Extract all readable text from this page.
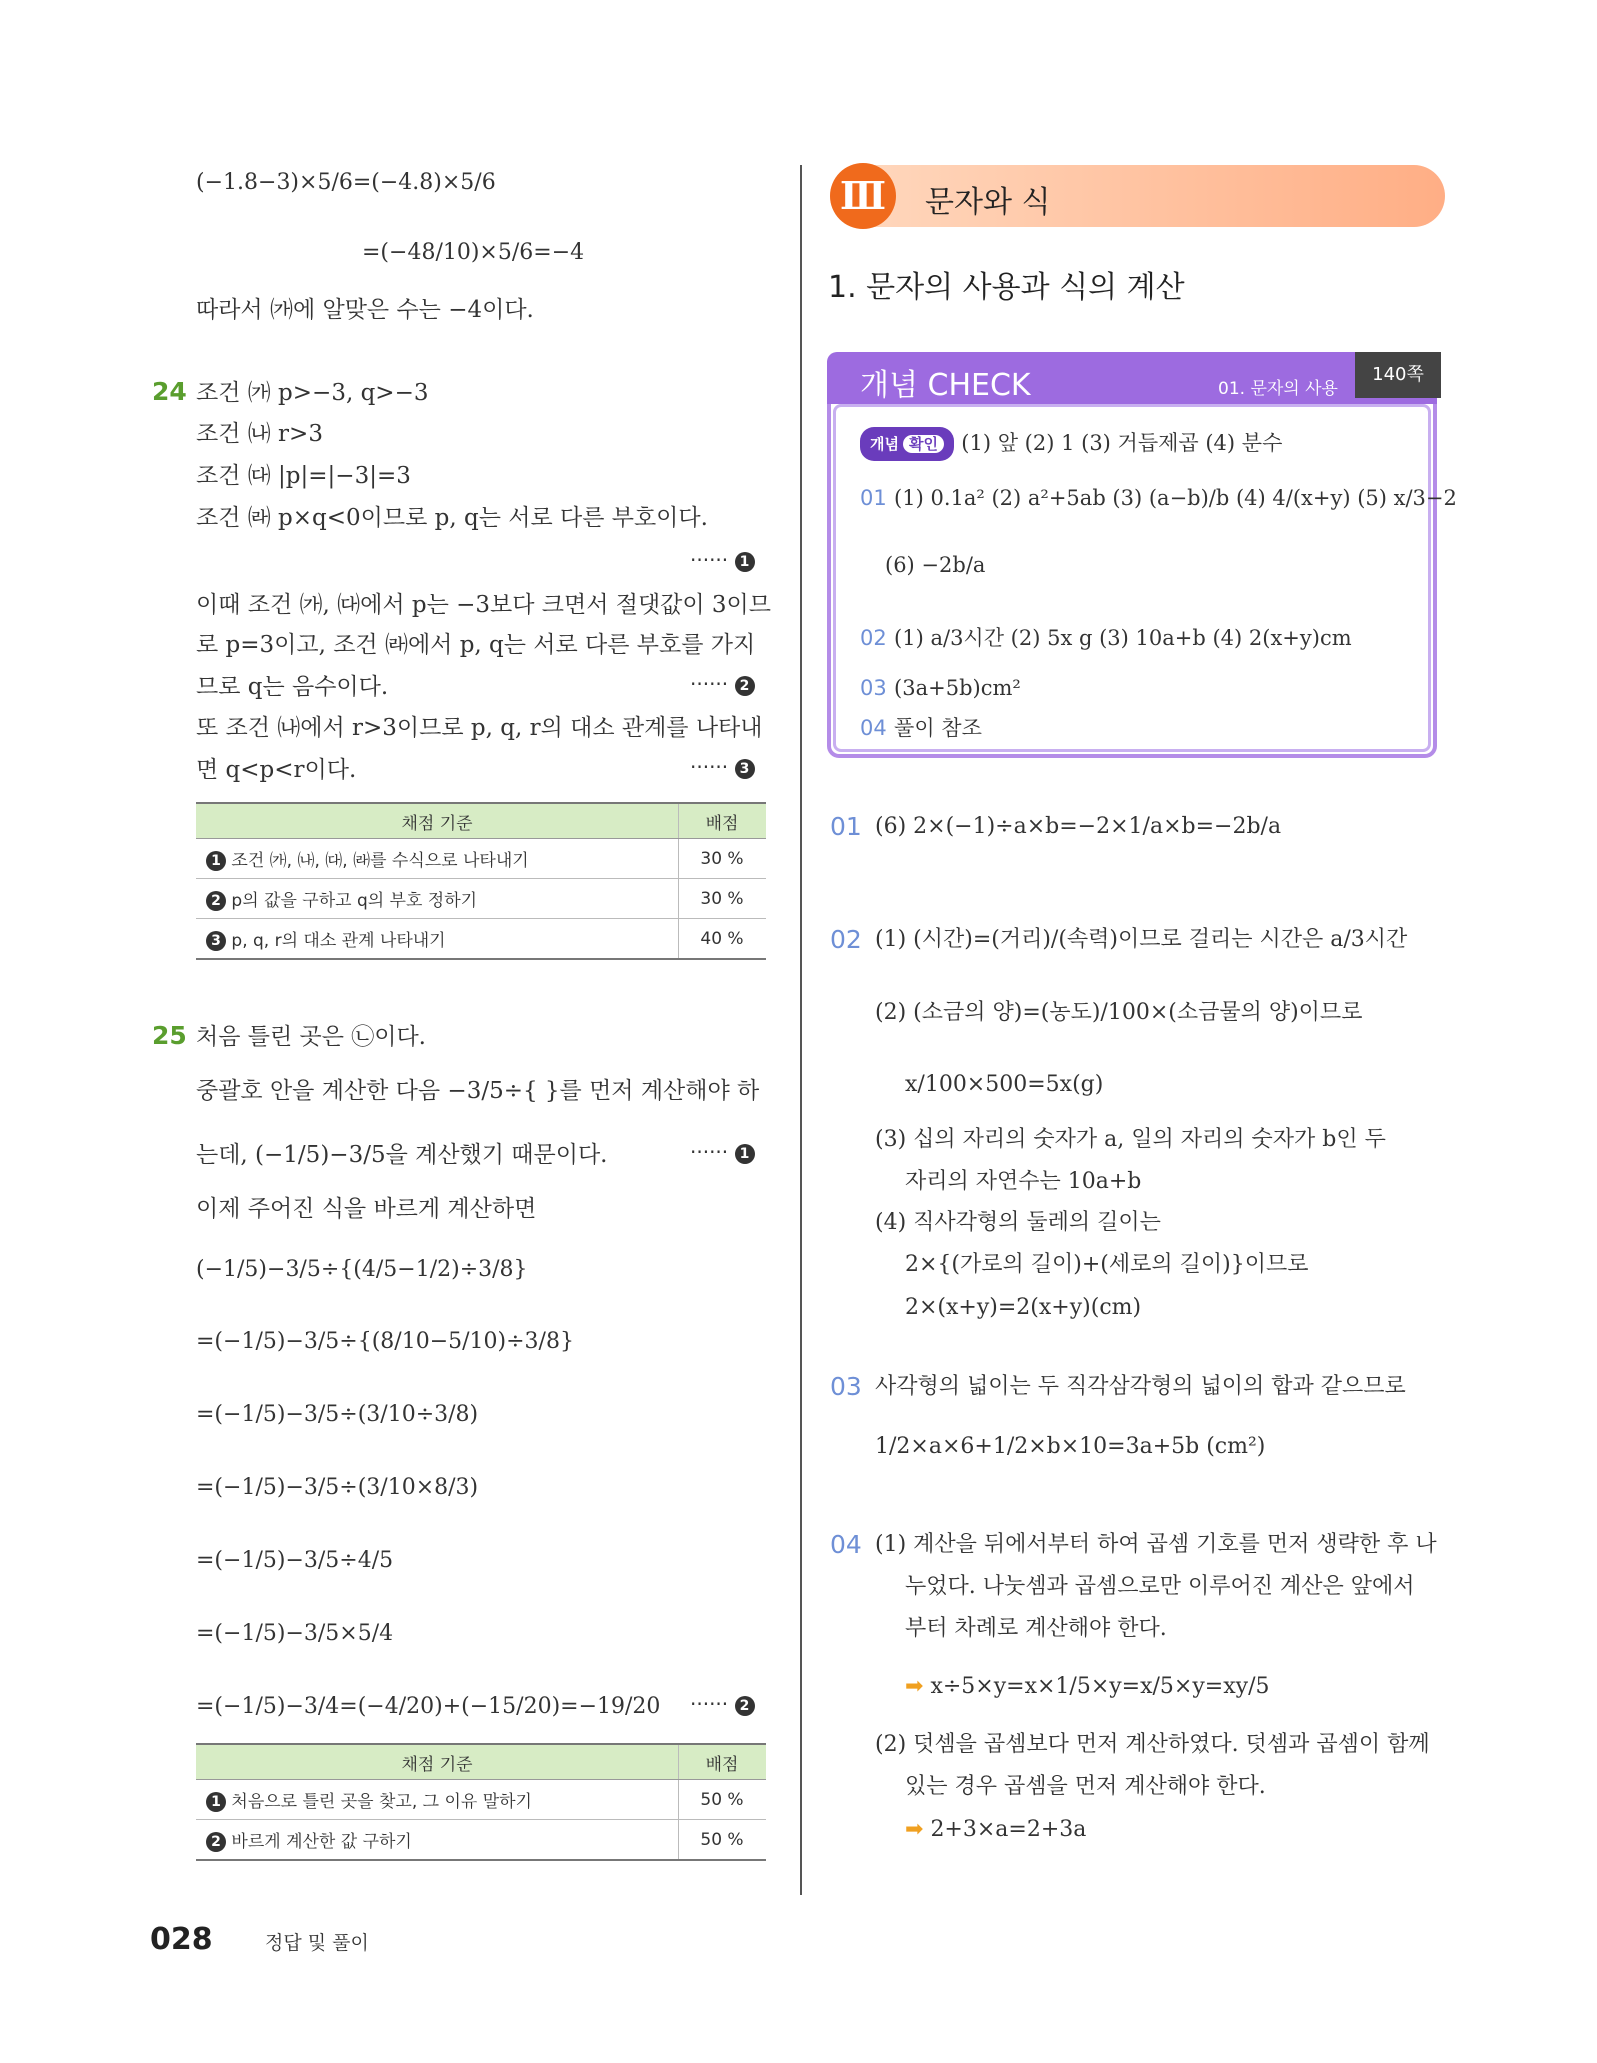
(−1.8−3)×5/6=(−4.8)×5/6
=(−48/10)×5/6=−4
따라서 ㈎에 알맞은 수는 −4이다.
24 조건 ㈎ p>−3, q>−3
조건 ㈏ r>3
조건 ㈐ |p|=|−3|=3
조건 ㈑ p×q<0이므로 p, q는 서로 다른 부호이다.
······ 1
이때 조건 ㈎, ㈐에서 p는 −3보다 크면서 절댓값이 3이므
로 p=3이고, 조건 ㈑에서 p, q는 서로 다른 부호를 가지
므로 q는 음수이다.	······ 2
또 조건 ㈏에서 r>3이므로 p, q, r의 대소 관계를 나타내
면 q<p<r이다.	······ 3
채점 기준	배점
1 조건 ㈎, ㈏, ㈐, ㈑를 수식으로 나타내기	30 %
2 p의 값을 구하고 q의 부호 정하기	30 %
3 p, q, r의 대소 관계 나타내기	40 %
25 처음 틀린 곳은 ㉡이다.
중괄호 안을 계산한 다음 −3/5÷{ }를 먼저 계산해야 하
는데, (−1/5)−3/5을 계산했기 때문이다.	······ 1
이제 주어진 식을 바르게 계산하면
(−1/5)−3/5÷{(4/5−1/2)÷3/8}
=(−1/5)−3/5÷{(8/10−5/10)÷3/8}
=(−1/5)−3/5÷(3/10÷3/8)
=(−1/5)−3/5÷(3/10×8/3)
=(−1/5)−3/5÷4/5
=(−1/5)−3/5×5/4
=(−1/5)−3/4=(−4/20)+(−15/20)=−19/20 ······ 2
채점 기준	배점
1 처음으로 틀린 곳을 찾고, 그 이유 말하기	50 %
2 바르게 계산한 값 구하기	50 %
Ⅲ	문자와 식
1. 문자의 사용과 식의 계산
개념 CHECK	01. 문자의 사용
140쪽
개념 확인 (1) 앞 (2) 1 (3) 거듭제곱 (4) 분수
01 (1) 0.1a² (2) a²+5ab (3) (a−b)/b (4) 4/(x+y) (5) x/3−2
(6) −2b/a
02 (1) a/3시간 (2) 5x g (3) 10a+b (4) 2(x+y)cm
03 (3a+5b)cm²
04 풀이 참조
01 (6) 2×(−1)÷a×b=−2×1/a×b=−2b/a
02 (1) (시간)=(거리)/(속력)이므로 걸리는 시간은 a/3시간
(2) (소금의 양)=(농도)/100×(소금물의 양)이므로
x/100×500=5x(g)
(3) 십의 자리의 숫자가 a, 일의 자리의 숫자가 b인 두
자리의 자연수는 10a+b
(4) 직사각형의 둘레의 길이는
2×{(가로의 길이)+(세로의 길이)}이므로
2×(x+y)=2(x+y)(cm)
03 사각형의 넓이는 두 직각삼각형의 넓이의 합과 같으므로
1/2×a×6+1/2×b×10=3a+5b (cm²)
04 (1) 계산을 뒤에서부터 하여 곱셈 기호를 먼저 생략한 후 나
누었다. 나눗셈과 곱셈으로만 이루어진 계산은 앞에서
부터 차례로 계산해야 한다.
➡ x÷5×y=x×1/5×y=x/5×y=xy/5
(2) 덧셈을 곱셈보다 먼저 계산하였다. 덧셈과 곱셈이 함께
있는 경우 곱셈을 먼저 계산해야 한다.
➡ 2+3×a=2+3a
028	정답 및 풀이
